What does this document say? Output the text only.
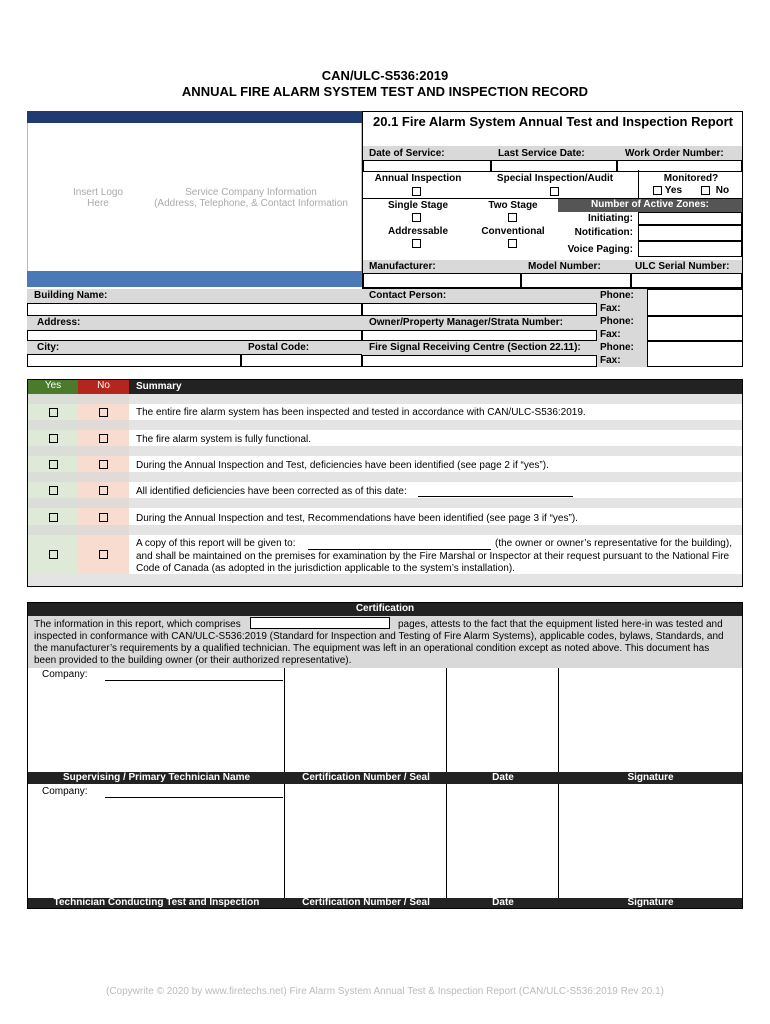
CAN/ULC-S536:2019
ANNUAL FIRE ALARM SYSTEM TEST AND INSPECTION RECORD
Insert Logo
Here
Service Company Information
(Address, Telephone, & Contact Information
20.1 Fire Alarm System Annual Test and Inspection Report
Date of Service:	Last Service Date:	Work Order Number:
Annual Inspection	Special Inspection/Audit	Monitored?
Yes	No
Single Stage	Two Stage
Addressable	Conventional
Number of Active Zones:
Initiating:
Notification:
Voice Paging:
Manufacturer:	Model Number:	ULC Serial Number:
Building Name:
Address:
City:	Postal Code:
Contact Person:
Owner/Property Manager/Strata Number:
Fire Signal Receiving Centre (Section 22.11):
Phone:
Fax:
Phone:
Fax:
Phone:
Fax:
Yes	No	Summary
The entire fire alarm system has been inspected and tested in accordance with CAN/ULC-S536:2019.
The fire alarm system is fully functional.
During the Annual Inspection and Test, deficiencies have been identified (see page 2 if “yes”).
All identified deficiencies have been corrected as of this date:
During the Annual Inspection and test, Recommendations have been identified (see page 3 if “yes”).
A copy of this report will be given to:	(the owner or owner’s representative for the building),
and shall be maintained on the premises for examination by the Fire Marshal or Inspector at their request pursuant to the National Fire
Code of Canada (as adopted in the jurisdiction applicable to the system’s installation).
Certification
The information in this report, which comprises	pages, attests to the fact that the equipment listed here-in was tested and
inspected in conformance with CAN/ULC-S536:2019 (Standard for Inspection and Testing of Fire Alarm Systems), applicable codes, bylaws, Standards, and
the manufacturer’s requirements by a qualified technician. The equipment was left in an operational condition except as noted above. This document has
been provided to the building owner (or their authorized representative).
Company:
Supervising / Primary Technician Name	Certification Number / Seal	Date	Signature
Company:
Technician Conducting Test and Inspection	Certification Number / Seal	Date	Signature
(Copywrite © 2020 by www.firetechs.net) Fire Alarm System Annual Test & Inspection Report (CAN/ULC-S536:2019 Rev 20.1)
